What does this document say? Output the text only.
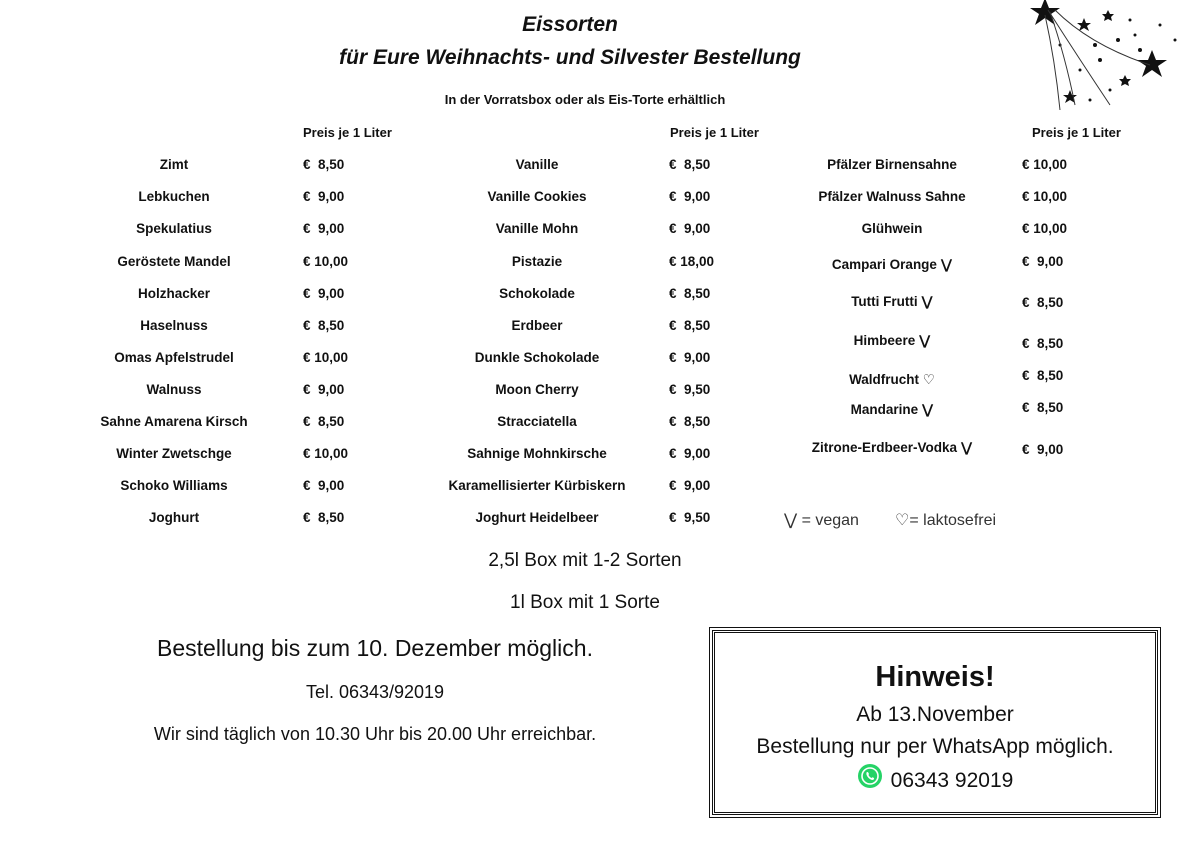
Eissorten
für Eure Weihnachts- und Silvester Bestellung
In der Vorratsbox oder als Eis-Torte erhältlich
Preis je 1 Liter	Preis je 1 Liter	Preis je 1 Liter
Zimt	€  8,50
Lebkuchen	€  9,00
Spekulatius	€  9,00
Geröstete Mandel	€ 10,00
Holzhacker	€  9,00
Haselnuss	€  8,50
Omas Apfelstrudel	€ 10,00
Walnuss	€  9,00
Sahne Amarena Kirsch	€  8,50
Winter Zwetschge	€ 10,00
Schoko Williams	€  9,00
Joghurt	€  8,50
Vanille	€  8,50
Vanille Cookies	€  9,00
Vanille Mohn	€  9,00
Pistazie	€ 18,00
Schokolade	€  8,50
Erdbeer	€  8,50
Dunkle Schokolade	€  9,00
Moon Cherry	€  9,50
Stracciatella	€  8,50
Sahnige Mohnkirsche	€  9,00
Karamellisierter Kürbiskern	€  9,00
Joghurt Heidelbeer	€  9,50
Pfälzer Birnensahne	€ 10,00
Pfälzer Walnuss Sahne	€ 10,00
Glühwein	€ 10,00
Campari Orange ⋁	€  9,00
Tutti Frutti ⋁	€  8,50
Himbeere ⋁	€  8,50
Waldfrucht ♡	€  8,50
Mandarine ⋁	€  8,50
Zitrone-Erdbeer-Vodka ⋁	€  9,00
⋁ = vegan ♡= laktosefrei
2,5l Box mit 1-2 Sorten
1l Box mit 1 Sorte
Bestellung bis zum 10. Dezember möglich.
Tel. 06343/92019
Wir sind täglich von 10.30 Uhr bis 20.00 Uhr erreichbar.
Hinweis!
Ab 13.November
Bestellung nur per WhatsApp möglich.
06343 92019
